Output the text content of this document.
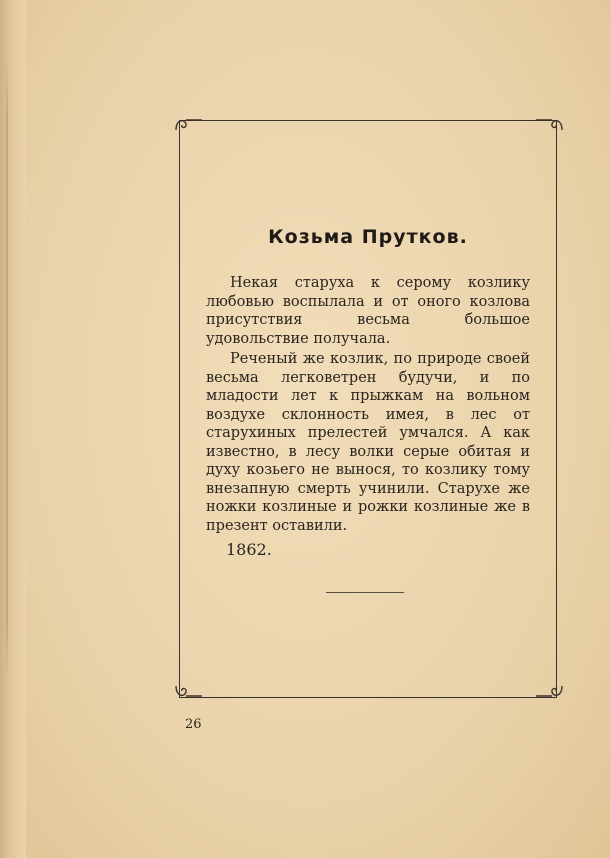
Козьма Прутков.

Некая старуха к серому козлику любовью воспылала и от оного козлова присутствия весьма большое удовольствие получала.

Реченый же козлик, по природе своей весьма легковетрен будучи, и по младости лет к прыжкам на вольном воздухе склонность имея, в лес от старухиных прелестей умчался. А как известно, в лесу волки серые обитая и духу козьего не вынося, то козлику тому внезапную смерть учинили. Старухе же ножки козлиные и рожки козлиные же в презент оставили.

1862.

26
